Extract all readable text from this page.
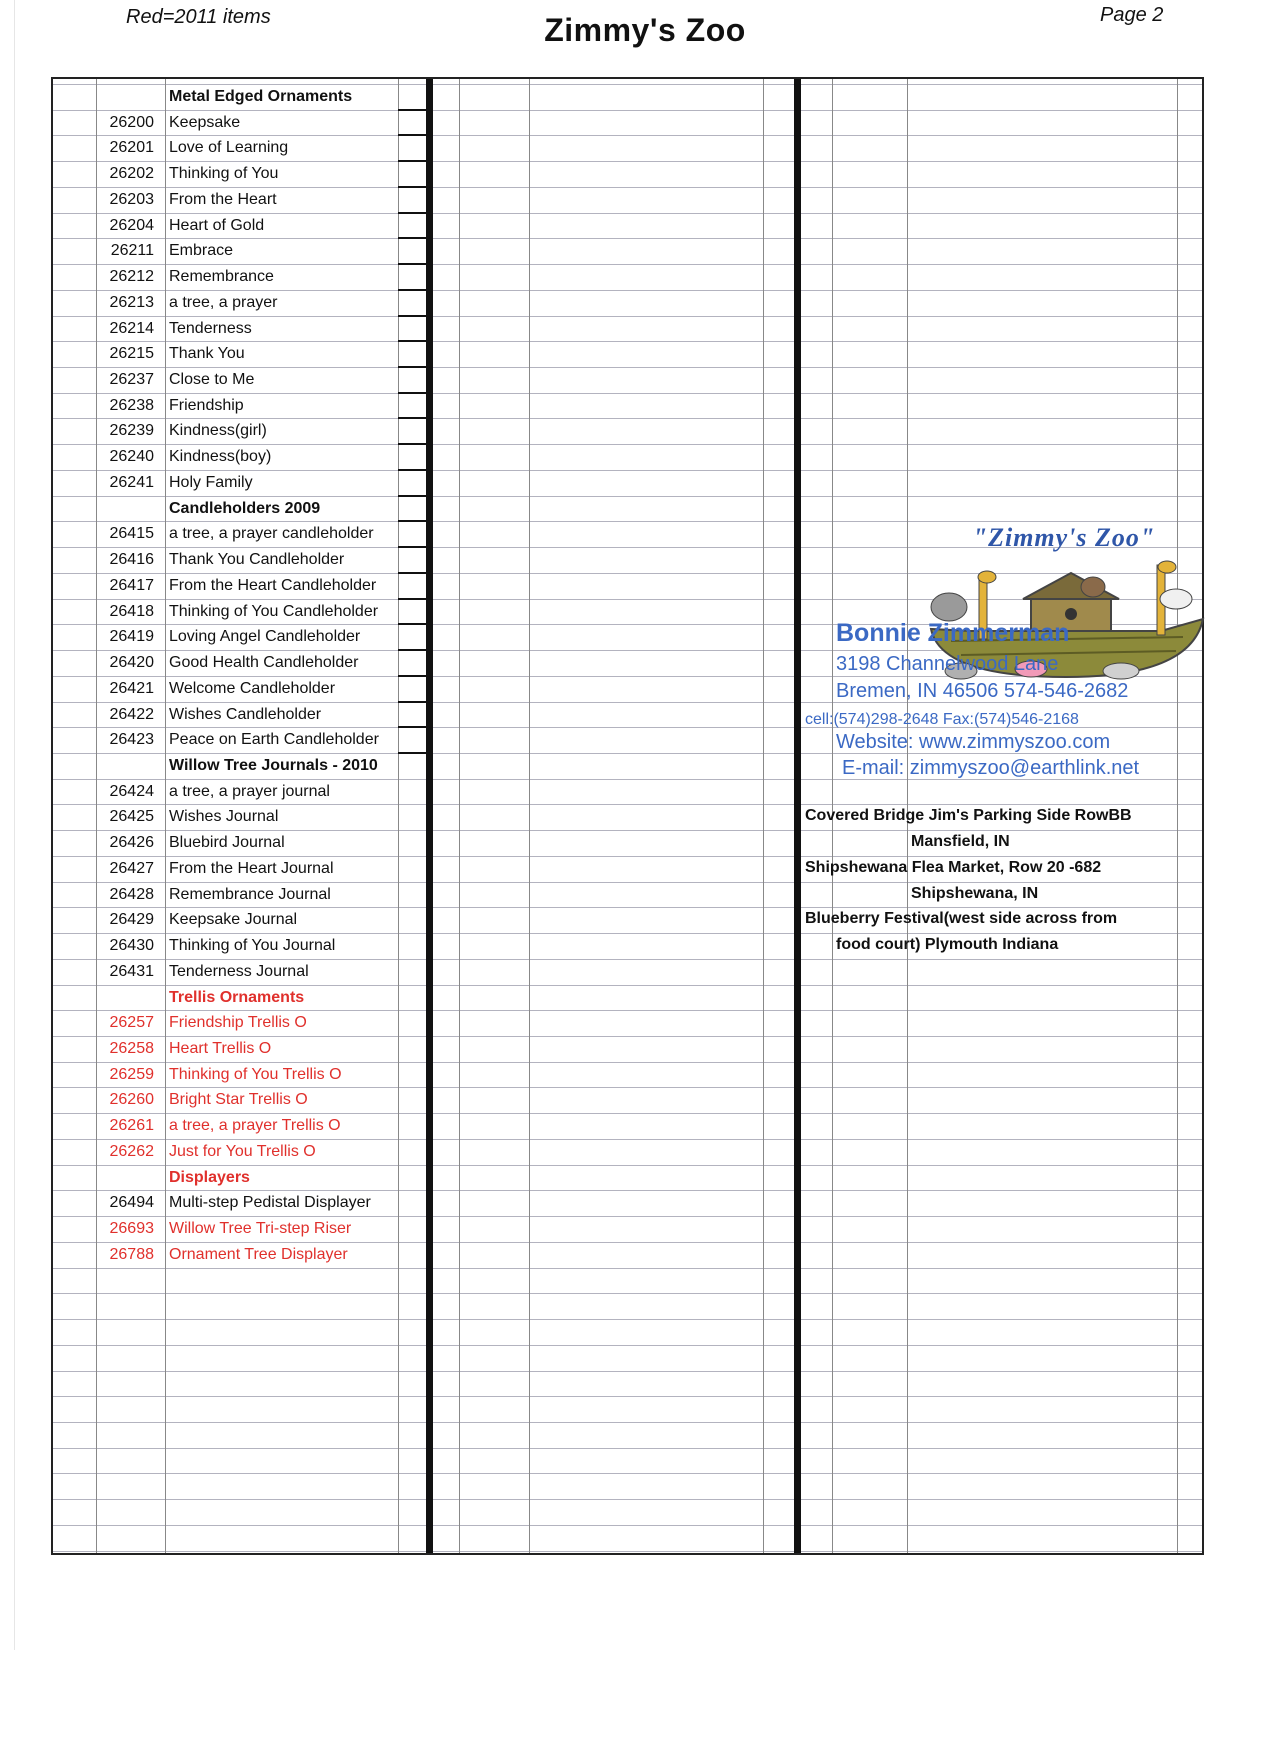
Red=2011 items	Zimmy's Zoo	Page 2
Metal Edged Ornaments
26200 Keepsake
26201 Love of Learning
26202 Thinking of You
26203 From the Heart
26204 Heart of Gold
26211 Embrace
26212 Remembrance
26213 a tree, a prayer
26214 Tenderness
26215 Thank You
26237 Close to Me
26238 Friendship
26239 Kindness(girl)
26240 Kindness(boy)
26241 Holy Family
Candleholders 2009
26415 a tree, a prayer candleholder
26416 Thank You Candleholder
26417 From the Heart Candleholder
26418 Thinking of You Candleholder
26419 Loving Angel Candleholder
26420 Good Health Candleholder
26421 Welcome Candleholder
26422 Wishes Candleholder
26423 Peace on Earth Candleholder
Willow Tree Journals - 2010
26424 a tree, a prayer journal
26425 Wishes Journal
26426 Bluebird Journal
26427 From the Heart Journal
26428 Remembrance Journal
26429 Keepsake Journal
26430 Thinking of You Journal
26431 Tenderness Journal
Trellis Ornaments
26257 Friendship Trellis O
26258 Heart Trellis O
26259 Thinking of You Trellis O
26260 Bright Star Trellis O
26261 a tree, a prayer Trellis O
26262 Just for You Trellis O
Displayers
26494 Multi-step Pedistal Displayer
26693 Willow Tree Tri-step Riser
26788 Ornament Tree Displayer
"Zimmy's Zoo"
Bonnie Zimmerman
3198 Channelwood Lane
Bremen, IN 46506 574-546-2682
cell:(574)298-2648 Fax:(574)546-2168
Website: www.zimmyszoo.com
E-mail: zimmyszoo@earthlink.net
Covered Bridge Jim's Parking Side RowBB
Mansfield, IN
Shipshewana Flea Market, Row 20 -682
Shipshewana, IN
Blueberry Festival(west side across from
food court) Plymouth Indiana
